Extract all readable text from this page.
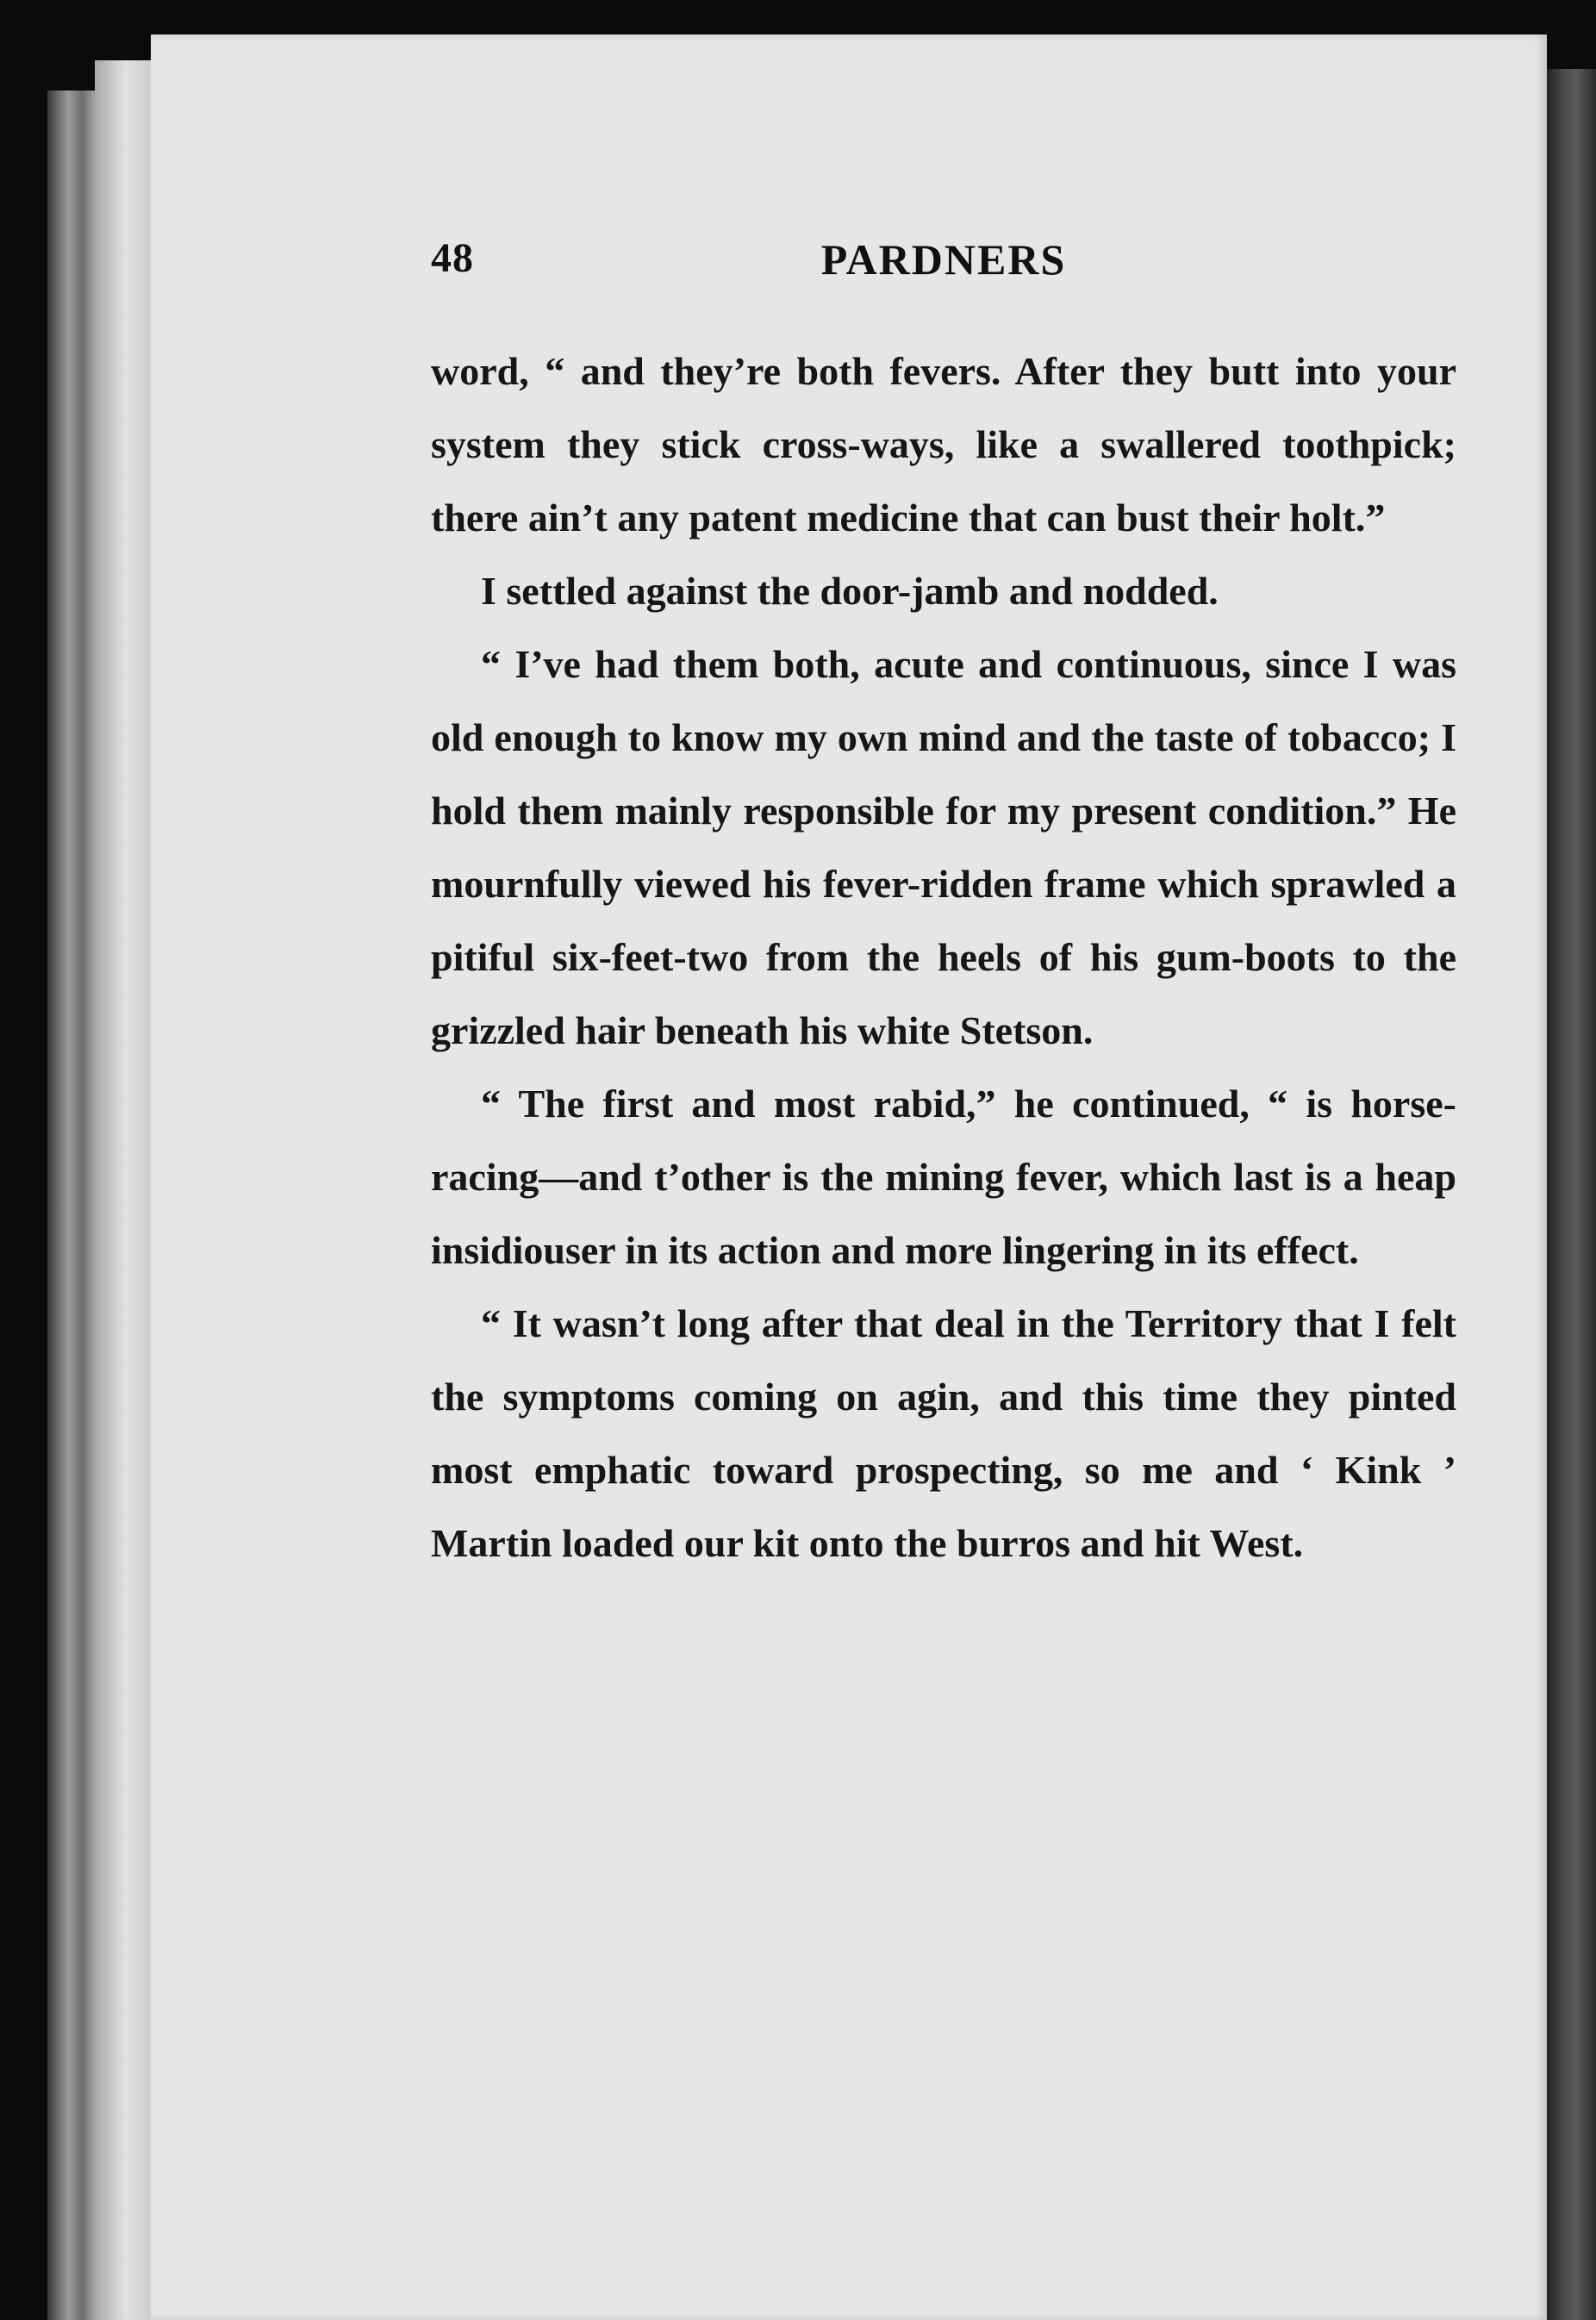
48	PARDNERS

word, “ and they’re both fevers. After they butt into your system they stick cross-ways, like a swallered toothpick; there ain’t any patent medicine that can bust their holt.”

I settled against the door-jamb and nodded.

“ I’ve had them both, acute and continuous, since I was old enough to know my own mind and the taste of tobacco; I hold them mainly responsible for my present condition.” He mournfully viewed his fever-ridden frame which sprawled a pitiful six-feet-two from the heels of his gum-boots to the grizzled hair beneath his white Stetson.

“ The first and most rabid,” he continued, “ is horse-racing—and t’other is the mining fever, which last is a heap insidiouser in its action and more lingering in its effect.

“ It wasn’t long after that deal in the Territory that I felt the symptoms coming on agin, and this time they pinted most emphatic toward prospecting, so me and ‘ Kink ’ Martin loaded our kit onto the burros and hit West.
